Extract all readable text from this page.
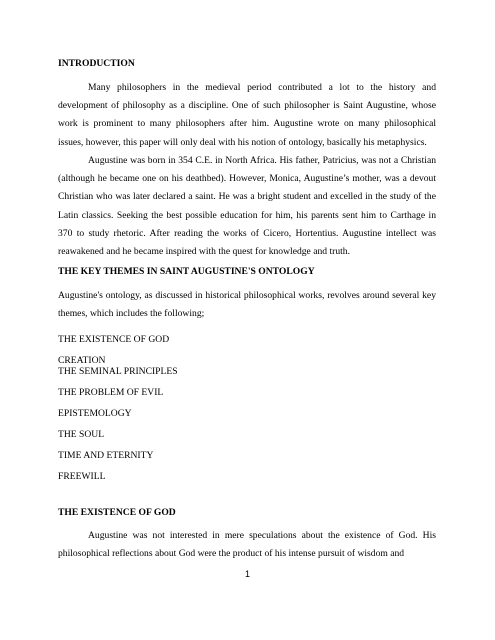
INTRODUCTION

Many philosophers in the medieval period contributed a lot to the history and development of philosophy as a discipline. One of such philosopher is Saint Augustine, whose work is prominent to many philosophers after him. Augustine wrote on many philosophical issues, however, this paper will only deal with his notion of ontology, basically his metaphysics.

Augustine was born in 354 C.E. in North Africa. His father, Patricius, was not a Christian (although he became one on his deathbed). However, Monica, Augustine’s mother, was a devout Christian who was later declared a saint. He was a bright student and excelled in the study of the Latin classics. Seeking the best possible education for him, his parents sent him to Carthage in 370 to study rhetoric. After reading the works of Cicero, Hortentius. Augustine intellect was reawakened and he became inspired with the quest for knowledge and truth.

THE KEY THEMES IN SAINT AUGUSTINE'S ONTOLOGY

Augustine's ontology, as discussed in historical philosophical works, revolves around several key themes, which includes the following;

THE EXISTENCE OF GOD
CREATION
THE SEMINAL PRINCIPLES
THE PROBLEM OF EVIL
EPISTEMOLOGY
THE SOUL
TIME AND ETERNITY
FREEWILL
THE EXISTENCE OF GOD

Augustine was not interested in mere speculations about the existence of God. His philosophical reflections about God were the product of his intense pursuit of wisdom and

1
